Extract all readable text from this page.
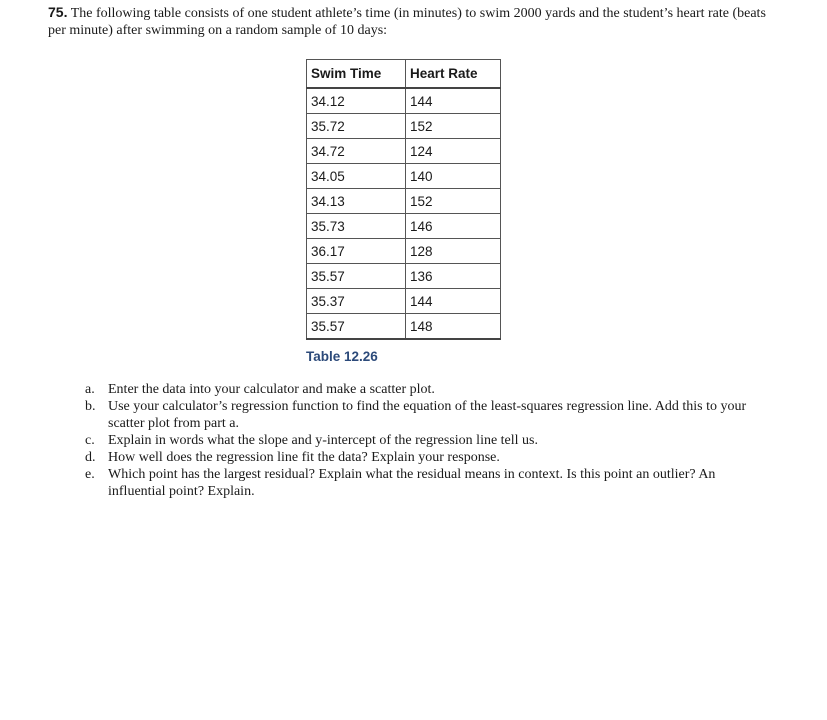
75. The following table consists of one student athlete’s time (in minutes) to swim 2000 yards and the student’s heart rate (beats per minute) after swimming on a random sample of 10 days:
Swim Time	Heart Rate
34.12	144
35.72	152
34.72	124
34.05	140
34.13	152
35.73	146
36.17	128
35.57	136
35.37	144
35.57	148
Table 12.26
a. Enter the data into your calculator and make a scatter plot.
b. Use your calculator’s regression function to find the equation of the least-squares regression line. Add this to your scatter plot from part a.
c. Explain in words what the slope and y-intercept of the regression line tell us.
d. How well does the regression line fit the data? Explain your response.
e. Which point has the largest residual? Explain what the residual means in context. Is this point an outlier? An influential point? Explain.
